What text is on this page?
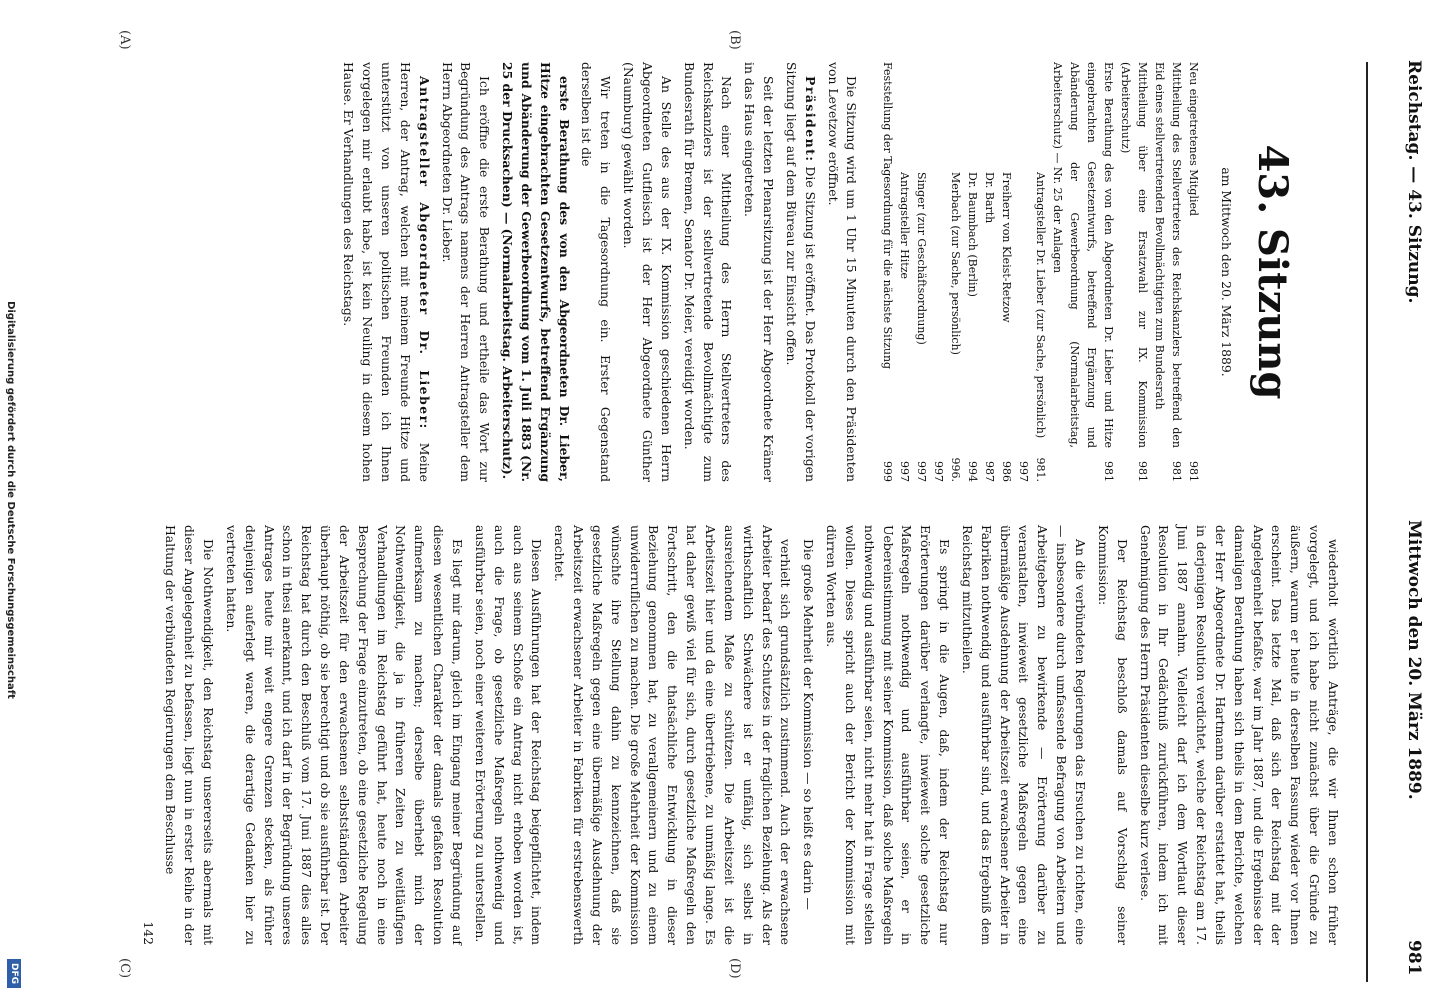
Reichstag. — 43. Sitzung.
Mittwoch den 20. März 1889.
981
(A)	(B)
(C)	(D)
43. Sitzung
am Mittwoch den 20. März 1889.
Neu eingetretenes Mitglied
981
Mittheilung des Stellvertreters des Reichskanzlers betreffend den Eid eines stellvertretenden Bevollmächtigten zum Bundesrath
981
Mittheilung über eine Ersatzwahl zur IX. Kommission (Arbeiterschutz)
981
Erste Berathung des von den Abgeordneten Dr. Lieber und Hitze eingebrachten Gesetzentwurfs, betreffend Ergänzung und Abänderung der Gewerbeordnung (Normalarbeitstag, Arbeiterschutz) — Nr. 25 der Anlagen
981
Antragsteller Dr. Lieber (zur Sache, persönlich)
981. 997
Freiherr von Kleist-Retzow
986
Dr. Barth
987
Dr. Baumbach (Berlin)
994
Merbach (zur Sache, persönlich)
996. 997
Singer (zur Geschäftsordnung)
997
Antragsteller Hitze
997
Feststellung der Tagesordnung für die nächste Sitzung
999

Die Sitzung wird um 1 Uhr 15 Minuten durch den Präsidenten von Levetzow eröffnet.

Präsident: Die Sitzung ist eröffnet. Das Protokoll der vorigen Sitzung liegt auf dem Büreau zur Einsicht offen.

Seit der letzten Plenarsitzung ist der Herr Abgeordnete Krämer in das Haus eingetreten.

Nach einer Mittheilung des Herrn Stellvertreters des Reichskanzlers ist der stellvertretende Bevollmächtigte zum Bundesrath für Bremen, Senator Dr. Meier, vereidigt worden.

An Stelle des aus der IX. Kommission geschiedenen Herrn Abgeordneten Gutfleisch ist der Herr Abgeordnete Günther (Naumburg) gewählt worden.

Wir treten in die Tagesordnung ein. Erster Gegenstand derselben ist die

erste Berathung des von den Abgeordneten Dr. Lieber, Hitze eingebrachten Gesetzentwurfs, betreffend Ergänzung und Abänderung der Gewerbeordnung vom 1. Juli 1883 (Nr. 25 der Drucksachen) — (Normalarbeitstag. Arbeiterschutz).

Ich eröffne die erste Berathung und ertheile das Wort zur Begründung des Antrags namens der Herren Antragsteller dem Herrn Abgeordneten Dr. Lieber.

Antragsteller Abgeordneter Dr. Lieber: Meine Herren, der Antrag, welchen mit meinem Freunde Hitze und unterstützt von unseren politischen Freunden ich Ihnen vorgelegen mir erlaubt habe, ist kein Neuling in diesem hohen Hause. Er Verhandlungen des Reichstags.

wiederholt wörtlich Anträge, die wir Ihnen schon früher vorgelegt, und ich habe nicht zunächst über die Gründe zu äußern, warum er heute in derselben Fassung wieder vor Ihnen erscheint. Das letzte Mal, daß sich der Reichstag mit der Angelegenheit befaßte, war im Jahr 1887, und die Ergebnisse der damaligen Berathung haben sich theils in dem Berichte, welchen der Herr Abgeordnete Dr. Hartmann darüber erstattet hat, theils in derjenigen Resolution verdichtet, welche der Reichstag am 17. Juni 1887 annahm. Vielleicht darf ich dem Wortlaut dieser Resolution in Ihr Gedächtniß zurückführen, indem ich mit Genehmigung des Herrn Präsidenten dieselbe kurz verlese.

Der Reichstag beschloß damals auf Vorschlag seiner Kommission:

An die verbündeten Regierungen das Ersuchen zu richten, eine — insbesondere durch umfassende Befragung von Arbeitern und Arbeitgebern zu bewirkende — Erörterung darüber zu veranstalten, inwieweit gesetzliche Maßregeln gegen eine übermäßige Ausdehnung der Arbeitszeit erwachsener Arbeiter in Fabriken nothwendig und ausführbar sind, und das Ergebniß dem Reichstag mitzutheilen.

Es springt in die Augen, daß, indem der Reichstag nur Erörterungen darüber verlangte, inwieweit solche gesetzliche Maßregeln nothwendig und ausführbar seien, er in Uebereinstimmung mit seiner Kommission, daß solche Maßregeln nothwendig und ausführbar seien, nicht mehr hat in Frage stellen wollen. Dieses spricht auch der Bericht der Kommission mit dürren Worten aus.

Die große Mehrheit der Kommission — so heißt es darin —

verhielt sich grundsätzlich zustimmend. Auch der erwachsene Arbeiter bedarf des Schutzes in der fraglichen Beziehung. Als der wirthschaftlich Schwächere ist er unfähig, sich selbst in ausreichendem Maße zu schützen. Die Arbeitszeit ist die Arbeitszeit hier und da eine übertriebene, zu unmäßig lange. Es hat daher gewiß viel für sich, durch gesetzliche Maßregeln den Fortschritt, den die thatsächliche Entwicklung in dieser Beziehung genommen hat, zu verallgemeinern und zu einem unwiderruflichen zu machen. Die große Mehrheit der Kommission wünschte ihre Stellung dahin zu kennzeichnen, daß sie gesetzliche Maßregeln gegen eine übermäßige Ausdehnung der Arbeitszeit erwachsener Arbeiter in Fabriken für erstrebenswerth erachtet.

Diesen Ausführungen hat der Reichstag beigepflichtet, indem auch aus seinem Schoße ein Antrag nicht erhoben worden ist, auch die Frage, ob gesetzliche Maßregeln nothwendig und ausführbar seien, noch einer weiteren Erörterung zu unterstellen.

Es liegt mir darum, gleich im Eingang meiner Begründung auf diesen wesentlichen Charakter der damals gefaßten Resolution aufmerksam zu machen; derselbe überhebt mich der Nothwendigkeit, die ja in früheren Zeiten zu weitläufigen Verhandlungen im Reichstag geführt hat, heute noch in eine Besprechung der Frage einzutreten, ob eine gesetzliche Regelung der Arbeitszeit für den erwachsenen selbstständigen Arbeiter überhaupt nöthig, ob sie berechtigt und ob sie ausführbar ist. Der Reichstag hat durch den Beschluß vom 17. Juni 1887 dies alles schon in thesi anerkannt, und ich darf in der Begründung unseres Antrages heute mir weit engere Grenzen stecken, als früher denjenigen auferlegt waren, die derartige Gedanken hier zu vertreten hatten.

Die Nothwendigkeit, den Reichstag unsererseits abermals mit dieser Angelegenheit zu befassen, liegt nun in erster Reihe in der Haltung der verbündeten Regierungen dem Beschlusse

142

Digitalisierung gefördert durch die Deutsche Forschungsgemeinschaft
DFG
